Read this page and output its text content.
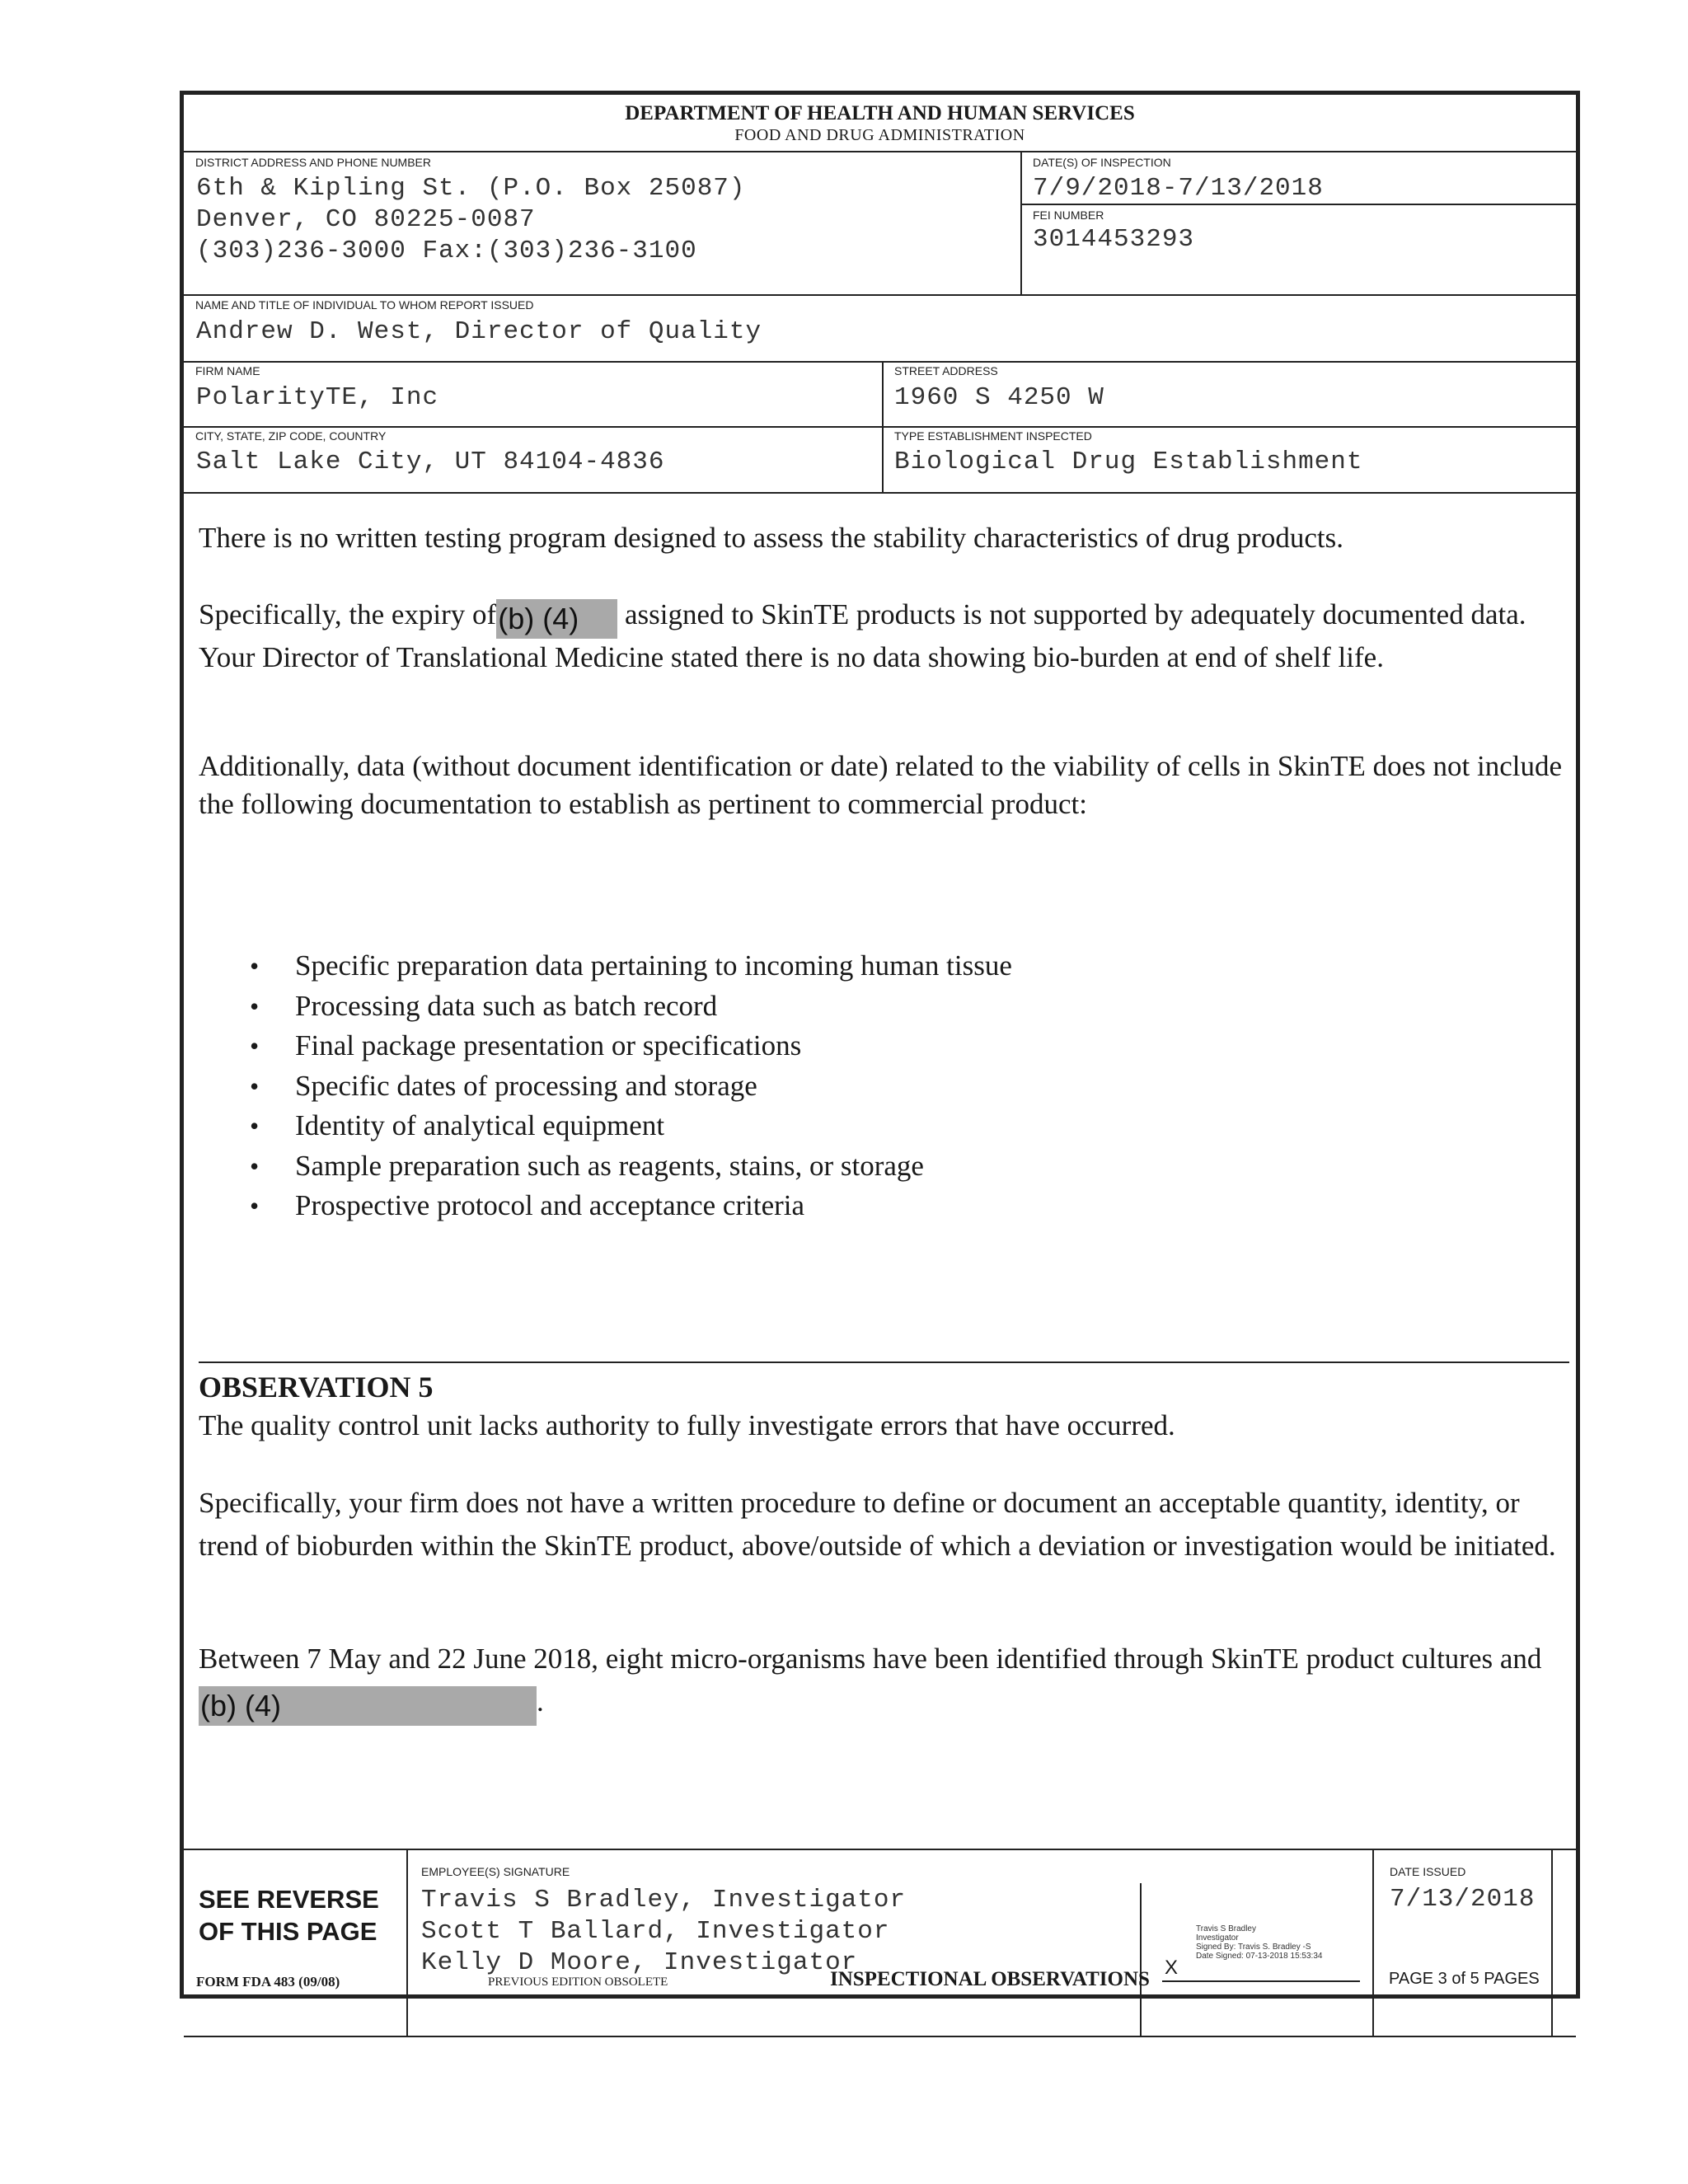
DEPARTMENT OF HEALTH AND HUMAN SERVICES
FOOD AND DRUG ADMINISTRATION
DISTRICT ADDRESS AND PHONE NUMBER
6th & Kipling St. (P.O. Box 25087)
Denver, CO 80225-0087
(303)236-3000 Fax:(303)236-3100
DATE(S) OF INSPECTION
7/9/2018-7/13/2018
FEI NUMBER
3014453293
NAME AND TITLE OF INDIVIDUAL TO WHOM REPORT ISSUED
Andrew D. West, Director of Quality
FIRM NAME
PolarityTE, Inc
STREET ADDRESS
1960 S 4250 W
CITY, STATE, ZIP CODE, COUNTRY
Salt Lake City, UT 84104-4836
TYPE ESTABLISHMENT INSPECTED
Biological Drug Establishment
There is no written testing program designed to assess the stability characteristics of drug products.
Specifically, the expiry of(b) (4) assigned to SkinTE products is not supported by adequately documented data. Your Director of Translational Medicine stated there is no data showing bio-burden at end of shelf life.
Additionally, data (without document identification or date) related to the viability of cells in SkinTE does not include the following documentation to establish as pertinent to commercial product:
• Specific preparation data pertaining to incoming human tissue
• Processing data such as batch record
• Final package presentation or specifications
• Specific dates of processing and storage
• Identity of analytical equipment
• Sample preparation such as reagents, stains, or storage
• Prospective protocol and acceptance criteria
OBSERVATION 5
The quality control unit lacks authority to fully investigate errors that have occurred.
Specifically, your firm does not have a written procedure to define or document an acceptable quantity, identity, or trend of bioburden within the SkinTE product, above/outside of which a deviation or investigation would be initiated.
Between 7 May and 22 June 2018, eight micro-organisms have been identified through SkinTE product cultures and(b) (4)	.
SEE REVERSE
OF THIS PAGE
EMPLOYEE(S) SIGNATURE
Travis S Bradley, Investigator
Scott T Ballard, Investigator
Kelly D Moore, Investigator
Travis S Bradley
Investigator
Signed By: Travis S. Bradley -S
Date Signed: 07-13-2018 15:53:34
X
DATE ISSUED
7/13/2018
FORM FDA 483 (09/08)	PREVIOUS EDITION OBSOLETE	INSPECTIONAL OBSERVATIONS	PAGE 3 of 5 PAGES
